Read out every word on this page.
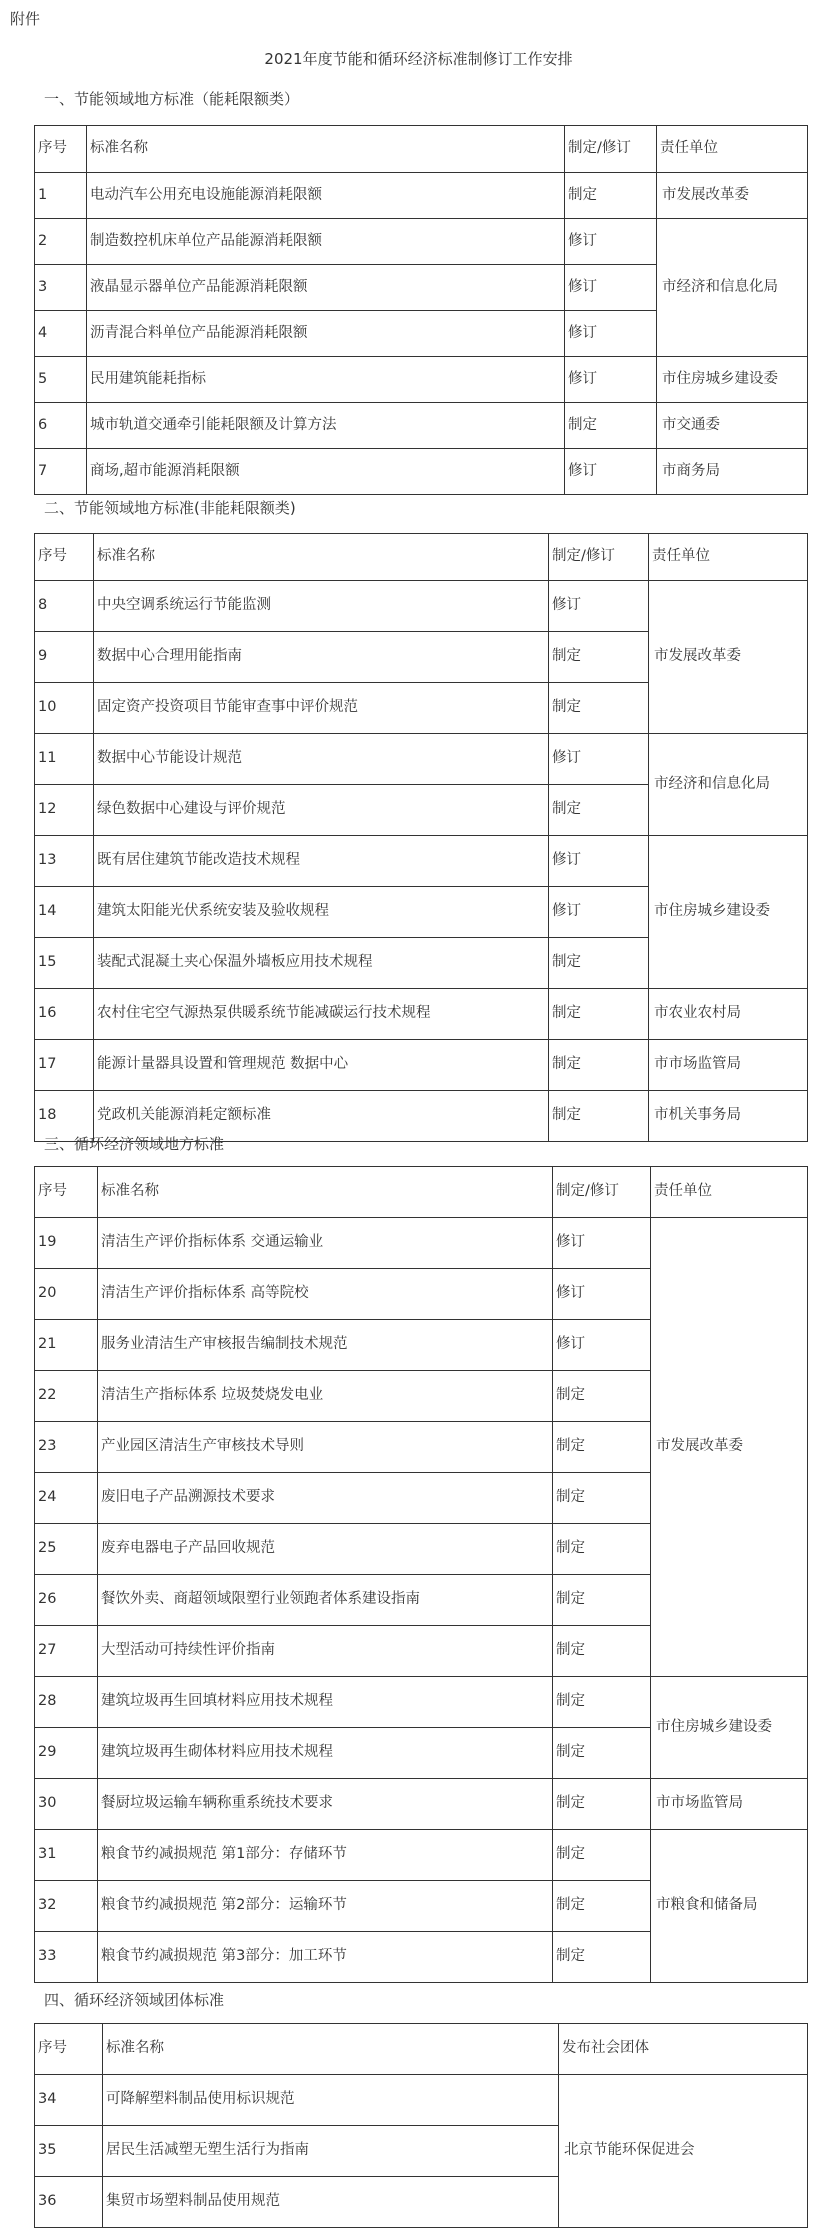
附件
2021年度节能和循环经济标准制修订工作安排
一、节能领域地方标准（能耗限额类）
序号	标准名称	制定/修订	责任单位
1	电动汽车公用充电设施能源消耗限额	制定	市发展改革委
2	制造数控机床单位产品能源消耗限额	修订	市经济和信息化局
3	液晶显示器单位产品能源消耗限额	修订	
4	沥青混合料单位产品能源消耗限额	修订	
5	民用建筑能耗指标	修订	市住房城乡建设委
6	城市轨道交通牵引能耗限额及计算方法	制定	市交通委
7	商场,超市能源消耗限额	修订	市商务局
二、节能领域地方标准(非能耗限额类)
序号	标准名称	制定/修订	责任单位
8	中央空调系统运行节能监测	修订	市发展改革委
9	数据中心合理用能指南	制定	
10	固定资产投资项目节能审查事中评价规范	制定	
11	数据中心节能设计规范	修订	市经济和信息化局
12	绿色数据中心建设与评价规范	制定	
13	既有居住建筑节能改造技术规程	修订	市住房城乡建设委
14	建筑太阳能光伏系统安装及验收规程	修订	
15	装配式混凝土夹心保温外墙板应用技术规程	制定	
16	农村住宅空气源热泵供暖系统节能减碳运行技术规程	制定	市农业农村局
17	能源计量器具设置和管理规范 数据中心	制定	市市场监管局
18	党政机关能源消耗定额标准	制定	市机关事务局
三、循环经济领域地方标准
序号	标准名称	制定/修订	责任单位
19	清洁生产评价指标体系 交通运输业	修订	市发展改革委
20	清洁生产评价指标体系 高等院校	修订	
21	服务业清洁生产审核报告编制技术规范	修订	
22	清洁生产指标体系 垃圾焚烧发电业	制定	
23	产业园区清洁生产审核技术导则	制定	
24	废旧电子产品溯源技术要求	制定	
25	废弃电器电子产品回收规范	制定	
26	餐饮外卖、商超领域限塑行业领跑者体系建设指南	制定	
27	大型活动可持续性评价指南	制定	
28	建筑垃圾再生回填材料应用技术规程	制定	市住房城乡建设委
29	建筑垃圾再生砌体材料应用技术规程	制定	
30	餐厨垃圾运输车辆称重系统技术要求	制定	市市场监管局
31	粮食节约减损规范 第1部分：存储环节	制定	市粮食和储备局
32	粮食节约减损规范 第2部分：运输环节	制定	
33	粮食节约减损规范 第3部分：加工环节	制定	
四、循环经济领域团体标准
序号	标准名称	发布社会团体
34	可降解塑料制品使用标识规范	北京节能环保促进会
35	居民生活减塑无塑生活行为指南	
36	集贸市场塑料制品使用规范	
